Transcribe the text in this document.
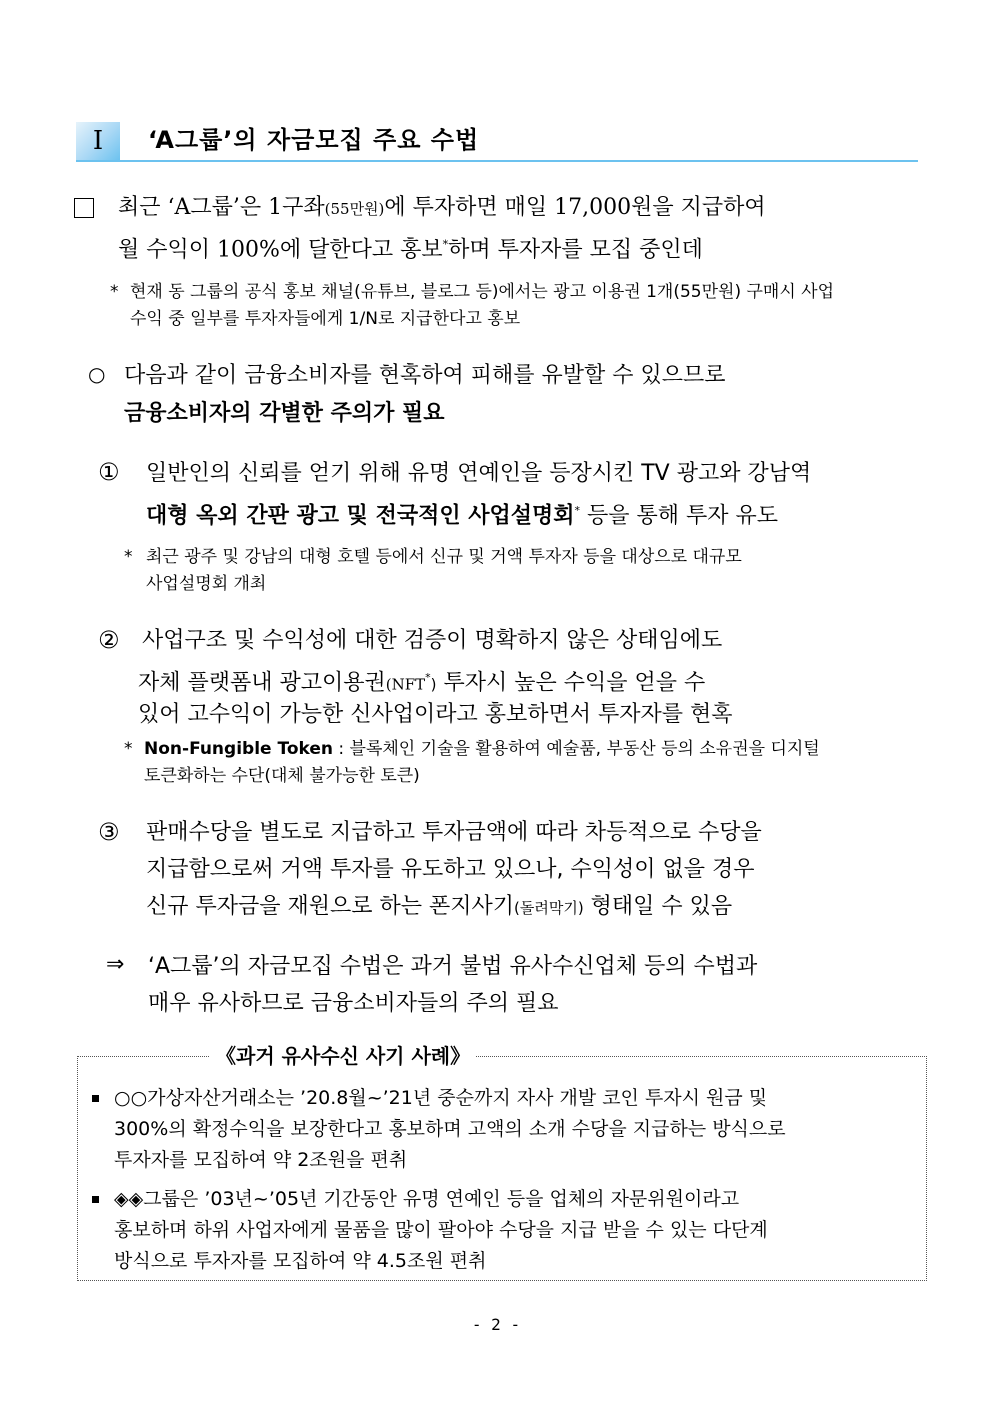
I	‘A그룹’의 자금모집 주요 수법
최근 ‘A그룹’은 1구좌(55만원)에 투자하면 매일 17,000원을 지급하여
월 수익이 100%에 달한다고 홍보*하며 투자자를 모집 중인데
* 현재 동 그룹의 공식 홍보 채널(유튜브, 블로그 등)에서는 광고 이용권 1개(55만원) 구매시 사업
수익 중 일부를 투자자들에게 1/N로 지급한다고 홍보
○ 다음과 같이 금융소비자를 현혹하여 피해를 유발할 수 있으므로
금융소비자의 각별한 주의가 필요
① 일반인의 신뢰를 얻기 위해 유명 연예인을 등장시킨 TV 광고와 강남역
대형 옥외 간판 광고 및 전국적인 사업설명회* 등을 통해 투자 유도
* 최근 광주 및 강남의 대형 호텔 등에서 신규 및 거액 투자자 등을 대상으로 대규모
사업설명회 개최
② 사업구조 및 수익성에 대한 검증이 명확하지 않은 상태임에도
자체 플랫폼내 광고이용권(NFT*) 투자시 높은 수익을 얻을 수
있어 고수익이 가능한 신사업이라고 홍보하면서 투자자를 현혹
* Non-Fungible Token : 블록체인 기술을 활용하여 예술품, 부동산 등의 소유권을 디지털
토큰화하는 수단(대체 불가능한 토큰)
③ 판매수당을 별도로 지급하고 투자금액에 따라 차등적으로 수당을
지급함으로써 거액 투자를 유도하고 있으나, 수익성이 없을 경우
신규 투자금을 재원으로 하는 폰지사기(돌려막기) 형태일 수 있음
⇒ ‘A그룹’의 자금모집 수법은 과거 불법 유사수신업체 등의 수법과
매우 유사하므로 금융소비자들의 주의 필요
《과거 유사수신 사기 사례》
○○가상자산거래소는 ’20.8월~’21년 중순까지 자사 개발 코인 투자시 원금 및
300%의 확정수익을 보장한다고 홍보하며 고액의 소개 수당을 지급하는 방식으로
투자자를 모집하여 약 2조원을 편취
◈◈그룹은 ’03년~’05년 기간동안 유명 연예인 등을 업체의 자문위원이라고
홍보하며 하위 사업자에게 물품을 많이 팔아야 수당을 지급 받을 수 있는 다단계
방식으로 투자자를 모집하여 약 4.5조원 편취
- 2 -
